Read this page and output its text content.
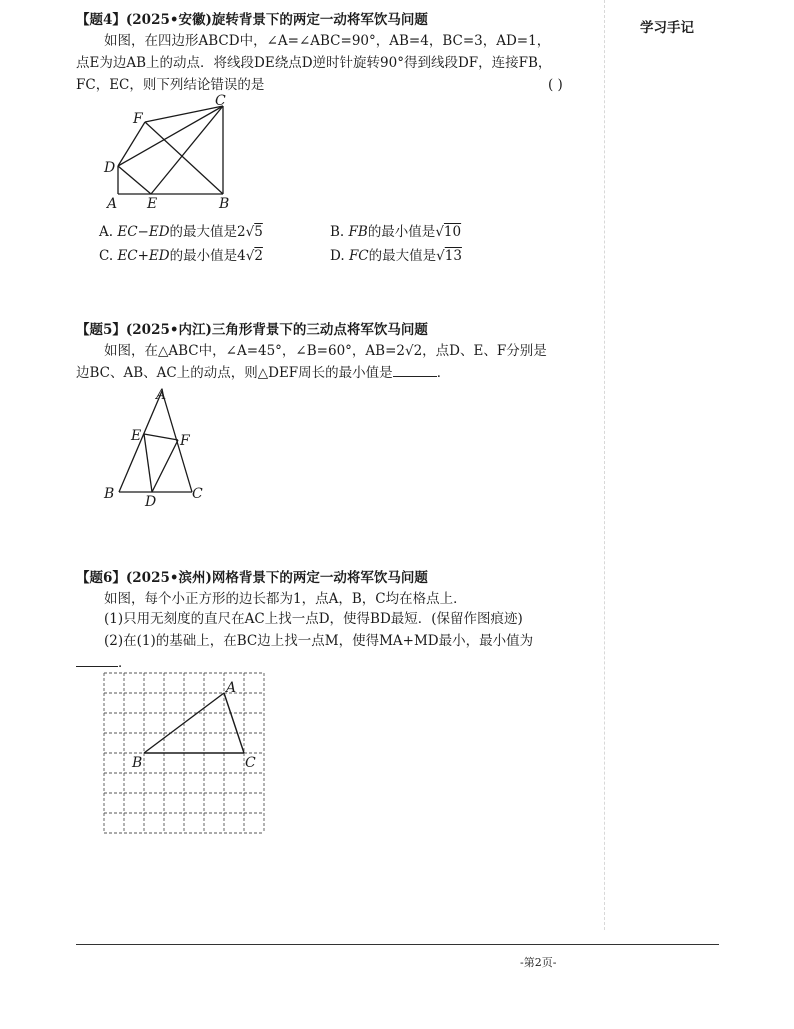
学习手记
【题4】(2025•安徽)旋转背景下的两定一动将军饮马问题
如图，在四边形ABCD中，∠A=∠ABC=90°，AB=4，BC=3，AD=1，
点E为边AB上的动点．将线段DE绕点D逆时针旋转90°得到线段DF，连接FB，
FC，EC，则下列结论错误的是	( )
C
F
D
A E	B
A. EC−ED的最大值是2√5	B. FB的最小值是√10
C. EC+ED的最小值是4√2	D. FC的最大值是√13
【题5】(2025•内江)三角形背景下的三动点将军饮马问题
如图，在△ABC中，∠A=45°，∠B=60°，AB=2√2，点D、E、F分别是
边BC、AB、AC上的动点，则△DEF周长的最小值是	．
A
E	F
B D	C
【题6】(2025•滨州)网格背景下的两定一动将军饮马问题
如图，每个小正方形的边长都为1，点A，B，C均在格点上．
(1)只用无刻度的直尺在AC上找一点D，使得BD最短．(保留作图痕迹)
(2)在(1)的基础上，在BC边上找一点M，使得MA+MD最小，最小值为
．
A
B	C
-第2页-
